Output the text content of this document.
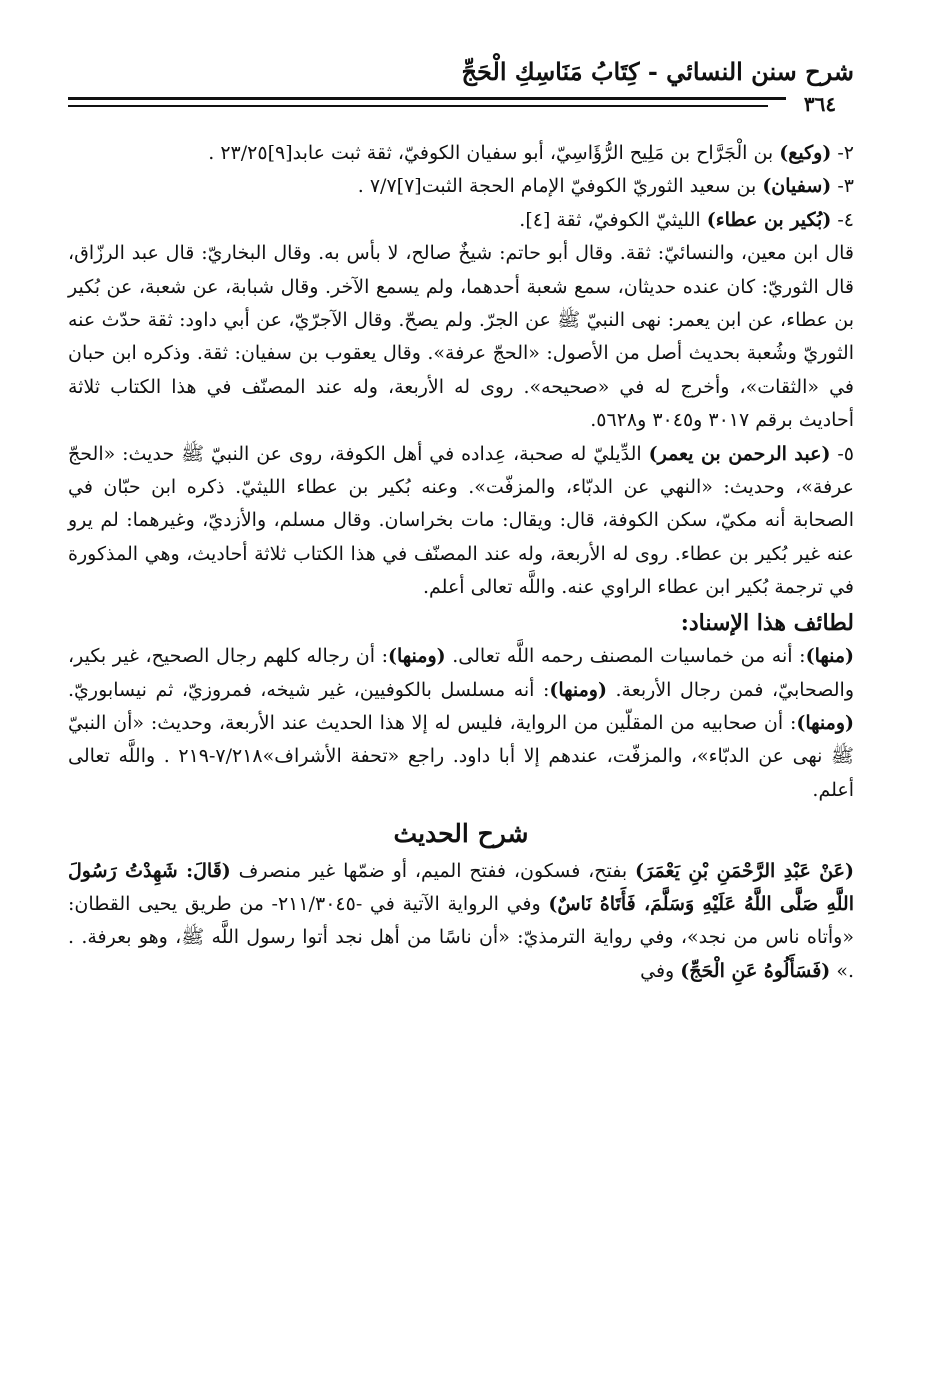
شرح سنن النسائي - كِتَابُ مَنَاسِكِ الْحَجِّ
٣٦٤

٢- (وكيع) بن الْجَرَّاح بن مَلِيح الرُّؤَاسِيّ، أبو سفيان الكوفيّ، ثقة ثبت عابد[٩]٢٣/٢٥ .

٣- (سفيان) بن سعيد الثوريّ الكوفيّ الإمام الحجة الثبت[٧]٧/٧ .

٤- (بُكير بن عطاء) الليثيّ الكوفيّ، ثقة [٤].

قال ابن معين، والنسائيّ: ثقة. وقال أبو حاتم: شيخٌ صالح، لا بأس به. وقال البخاريّ: قال عبد الرزّاق، قال الثوريّ: كان عنده حديثان، سمع شعبة أحدهما، ولم يسمع الآخر. وقال شبابة، عن شعبة، عن بُكير بن عطاء، عن ابن يعمر: نهى النبيّ ﷺ عن الجرّ. ولم يصحّ. وقال الآجرّيّ، عن أبي داود: ثقة حدّث عنه الثوريّ وشُعبة بحديث أصل من الأصول: «الحجّ عرفة». وقال يعقوب بن سفيان: ثقة. وذكره ابن حبان في «الثقات»، وأخرج له في «صحيحه». روى له الأربعة، وله عند المصنّف في هذا الكتاب ثلاثة أحاديث برقم ٣٠١٧ و٣٠٤٥ و٥٦٢٨.

٥- (عبد الرحمن بن يعمر) الدِّيليّ له صحبة، عِداده في أهل الكوفة، روى عن النبيّ ﷺ حديث: «الحجّ عرفة»، وحديث: «النهي عن الدبّاء، والمزفّت». وعنه بُكير بن عطاء الليثيّ. ذكره ابن حبّان في الصحابة أنه مكيّ، سكن الكوفة، قال: ويقال: مات بخراسان. وقال مسلم، والأزديّ، وغيرهما: لم يرو عنه غير بُكير بن عطاء. روى له الأربعة، وله عند المصنّف في هذا الكتاب ثلاثة أحاديث، وهي المذكورة في ترجمة بُكير ابن عطاء الراوي عنه. واللَّه تعالى أعلم.

لطائف هذا الإسناد:

(منها): أنه من خماسيات المصنف رحمه اللَّه تعالى. (ومنها): أن رجاله كلهم رجال الصحيح، غير بكير، والصحابيّ، فمن رجال الأربعة. (ومنها): أنه مسلسل بالكوفيين، غير شيخه، فمروزيّ، ثم نيسابوريّ. (ومنها): أن صحابيه من المقلّين من الرواية، فليس له إلا هذا الحديث عند الأربعة، وحديث: «أن النبيّ ﷺ نهى عن الدبّاء»، والمزفّت، عندهم إلا أبا داود. راجع «تحفة الأشراف»٧/٢١٨-٢١٩ . واللَّه تعالى أعلم.

شرح الحديث

(عَنْ عَبْدِ الرَّحْمَنِ بْنِ يَعْمَرَ) بفتح، فسكون، ففتح الميم، أو ضمّها غير منصرف (قَالَ: شَهِدْتُ رَسُولَ اللَّهِ صَلَّى اللَّهُ عَلَيْهِ وَسَلَّمَ، فَأَتَاهُ نَاسٌ) وفي الرواية الآتية في -٢١١/٣٠٤٥- من طريق يحيى القطان: «وأتاه ناس من نجد»، وفي رواية الترمذيّ: «أن ناسًا من أهل نجد أتوا رسول اللَّه ﷺ، وهو بعرفة. . .» (فَسَأَلُوهُ عَنِ الْحَجِّ) وفي
